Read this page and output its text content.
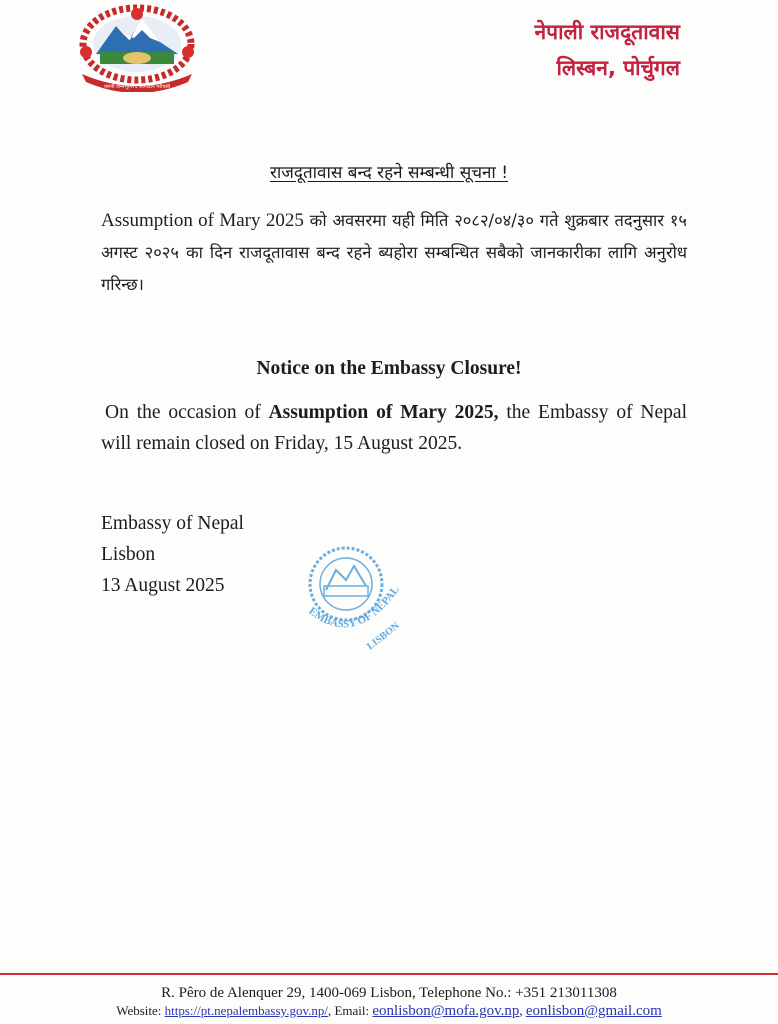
जननी जन्मभूमिश्च स्वर्गादपि गरीयसी
नेपाली राजदूतावास
लिस्बन, पोर्चुगल
राजदूतावास बन्द रहने सम्बन्धी सूचना !
Assumption of Mary 2025 को अवसरमा यही मिति २०८२/०४/३० गते शुक्रबार तदनुसार १५ अगस्ट २०२५ का दिन राजदूतावास बन्द रहने ब्यहोरा सम्बन्धित सबैको जानकारीका लागि अनुरोध गरिन्छ।
Notice on the Embassy Closure!
On the occasion of Assumption of Mary 2025, the Embassy of Nepal will remain closed on Friday, 15 August 2025.
Embassy of Nepal
Lisbon
13 August 2025
EMBASSY OF NEPAL
LISBON
R. Pêro de Alenquer 29, 1400-069 Lisbon, Telephone No.: +351 213011308
Website: https://pt.nepalembassy.gov.np/, Email: eonlisbon@mofa.gov.np, eonlisbon@gmail.com
